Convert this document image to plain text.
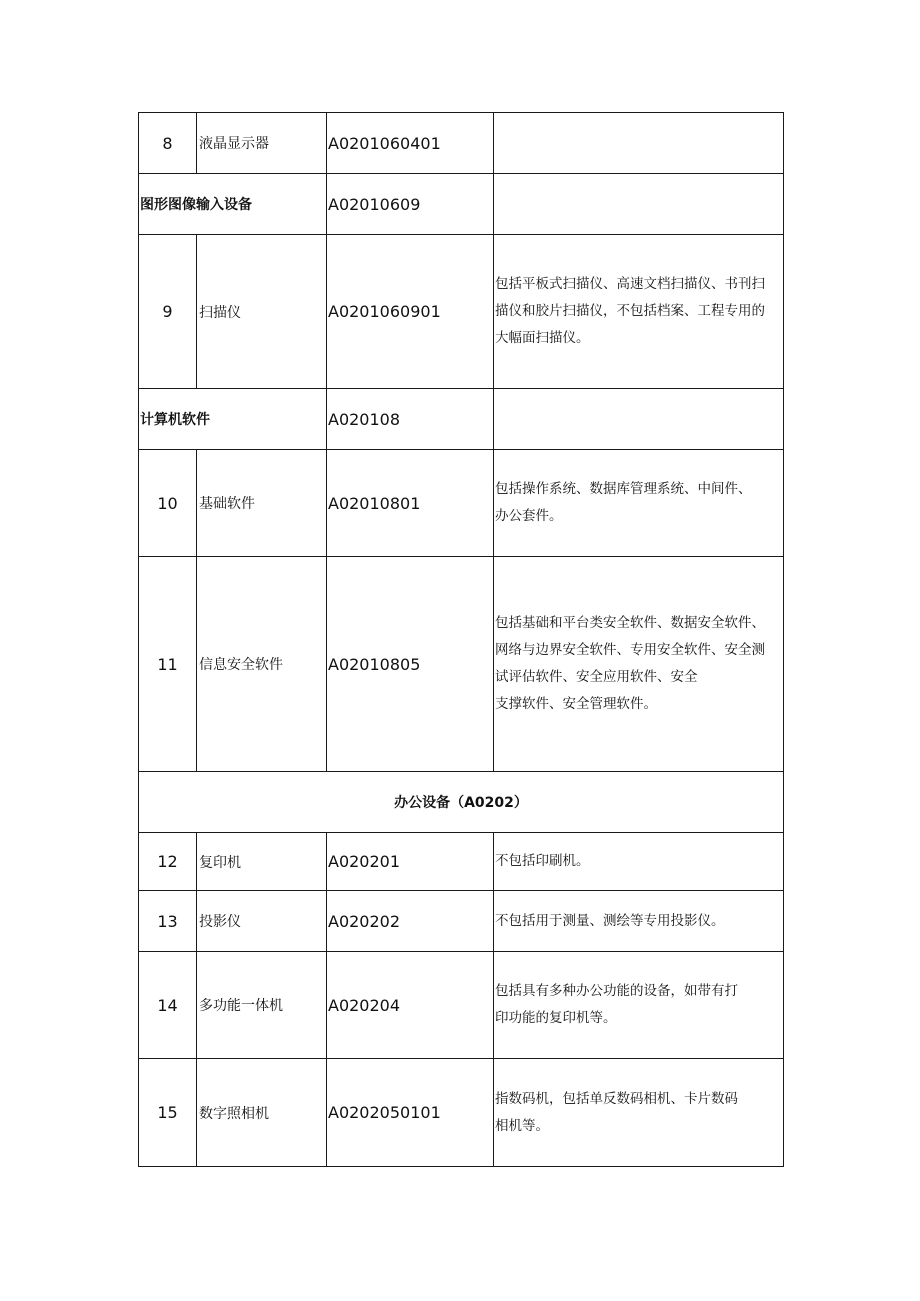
8	液晶显示器	A0201060401	
图形图像输入设备		A02010609	
9	扫描仪	A0201060901	包括平板式扫描仪、高速文档扫描仪、书刊扫
描仪和胶片扫描仪，不包括档案、工程专用的
大幅面扫描仪。

计算机软件		A020108	
10	基础软件	A02010801	包括操作系统、数据库管理系统、中间件、
办公套件。

11	信息安全软件	A02010805	包括基础和平台类安全软件、数据安全软件、
网络与边界安全软件、专用安全软件、安全测
试评估软件、安全应用软件、安全
支撑软件、安全管理软件。

办公设备（A0202）			
12	复印机	A020201	不包括印刷机。

13	投影仪	A020202	不包括用于测量、测绘等专用投影仪。

14	多功能一体机	A020204	包括具有多种办公功能的设备，如带有打
印功能的复印机等。

15	数字照相机	A0202050101	指数码机，包括单反数码相机、卡片数码
相机等。
